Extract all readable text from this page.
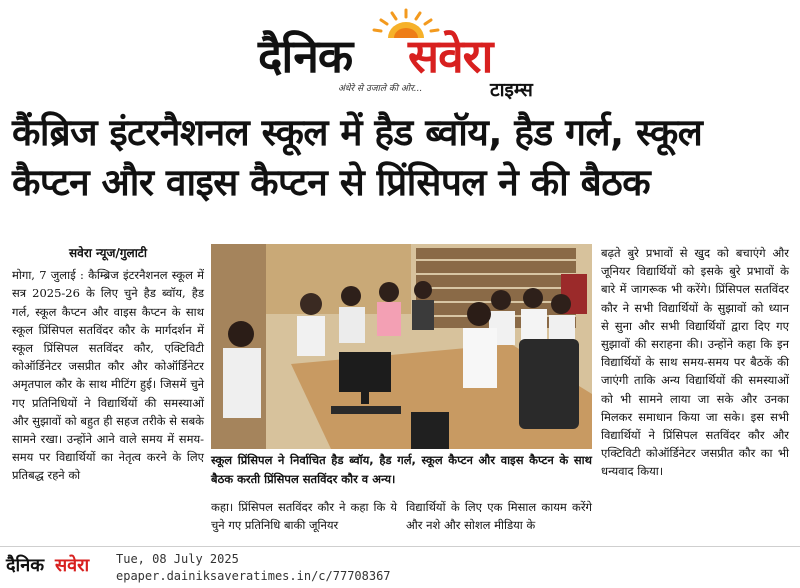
दैनिक सवेरा
अंधेरे से उजाले की ओर...	टाइम्स
कैंब्रिज इंटरनैशनल स्कूल में हैड ब्वॉय, हैड गर्ल, स्कूल
कैप्टन और वाइस कैप्टन से प्रिंसिपल ने की बैठक
सवेरा न्यूज/गुलाटी
मोगा, 7 जुलाई : कैम्ब्रिज इंटरनैशनल स्कूल में सत्र 2025-26 के लिए चुने हैड ब्वॉय, हैड गर्ल, स्कूल कैप्टन और वाइस कैप्टन के साथ स्कूल प्रिंसिपल सतविंदर कौर के मार्गदर्शन में स्कूल प्रिंसिपल सतविंदर कौर, एक्टिविटी कोऑर्डिनेटर जसप्रीत कौर और कोऑर्डिनेटर अमृतपाल कौर के साथ मीटिंग हुई। जिसमें चुने गए प्रतिनिधियों ने विद्यार्थियों की समस्याओं और सुझावों को बहुत ही सहज तरीके से सबके सामने रखा। उन्होंने आने वाले समय में समय-समय पर विद्यार्थियों का नेतृत्व करने के लिए प्रतिबद्ध रहने को
स्कूल प्रिंसिपल ने निर्वाचित हैड ब्वॉय, हैड गर्ल, स्कूल कैप्टन और वाइस कैप्टन के साथ बैठक करती प्रिंसिपल सतविंदर कौर व अन्य।
कहा। प्रिंसिपल सतविंदर कौर ने कहा कि ये चुने गए प्रतिनिधि बाकी जूनियर
विद्यार्थियों के लिए एक मिसाल कायम करेंगे और नशे और सोशल मीडिया के
बढ़ते बुरे प्रभावों से खुद को बचाएंगे और जूनियर विद्यार्थियों को इसके बुरे प्रभावों के बारे में जागरूक भी करेंगे। प्रिंसिपल सतविंदर कौर ने सभी विद्यार्थियों के सुझावों को ध्यान से सुना और सभी विद्यार्थियों द्वारा दिए गए सुझावों की सराहना की। उन्होंने कहा कि इन विद्यार्थियों के साथ समय-समय पर बैठकें की जाएंगी ताकि अन्य विद्यार्थियों की समस्याओं को भी सामने लाया जा सके और उनका मिलकर समाधान किया जा सके। इस सभी विद्यार्थियों ने प्रिंसिपल सतविंदर कौर और एक्टिविटी कोऑर्डिनेटर जसप्रीत कौर का भी धन्यवाद किया।
दैनिक सवेरा Tue, 08 July 2025
epaper.dainiksaveratimes.in/c/77708367
